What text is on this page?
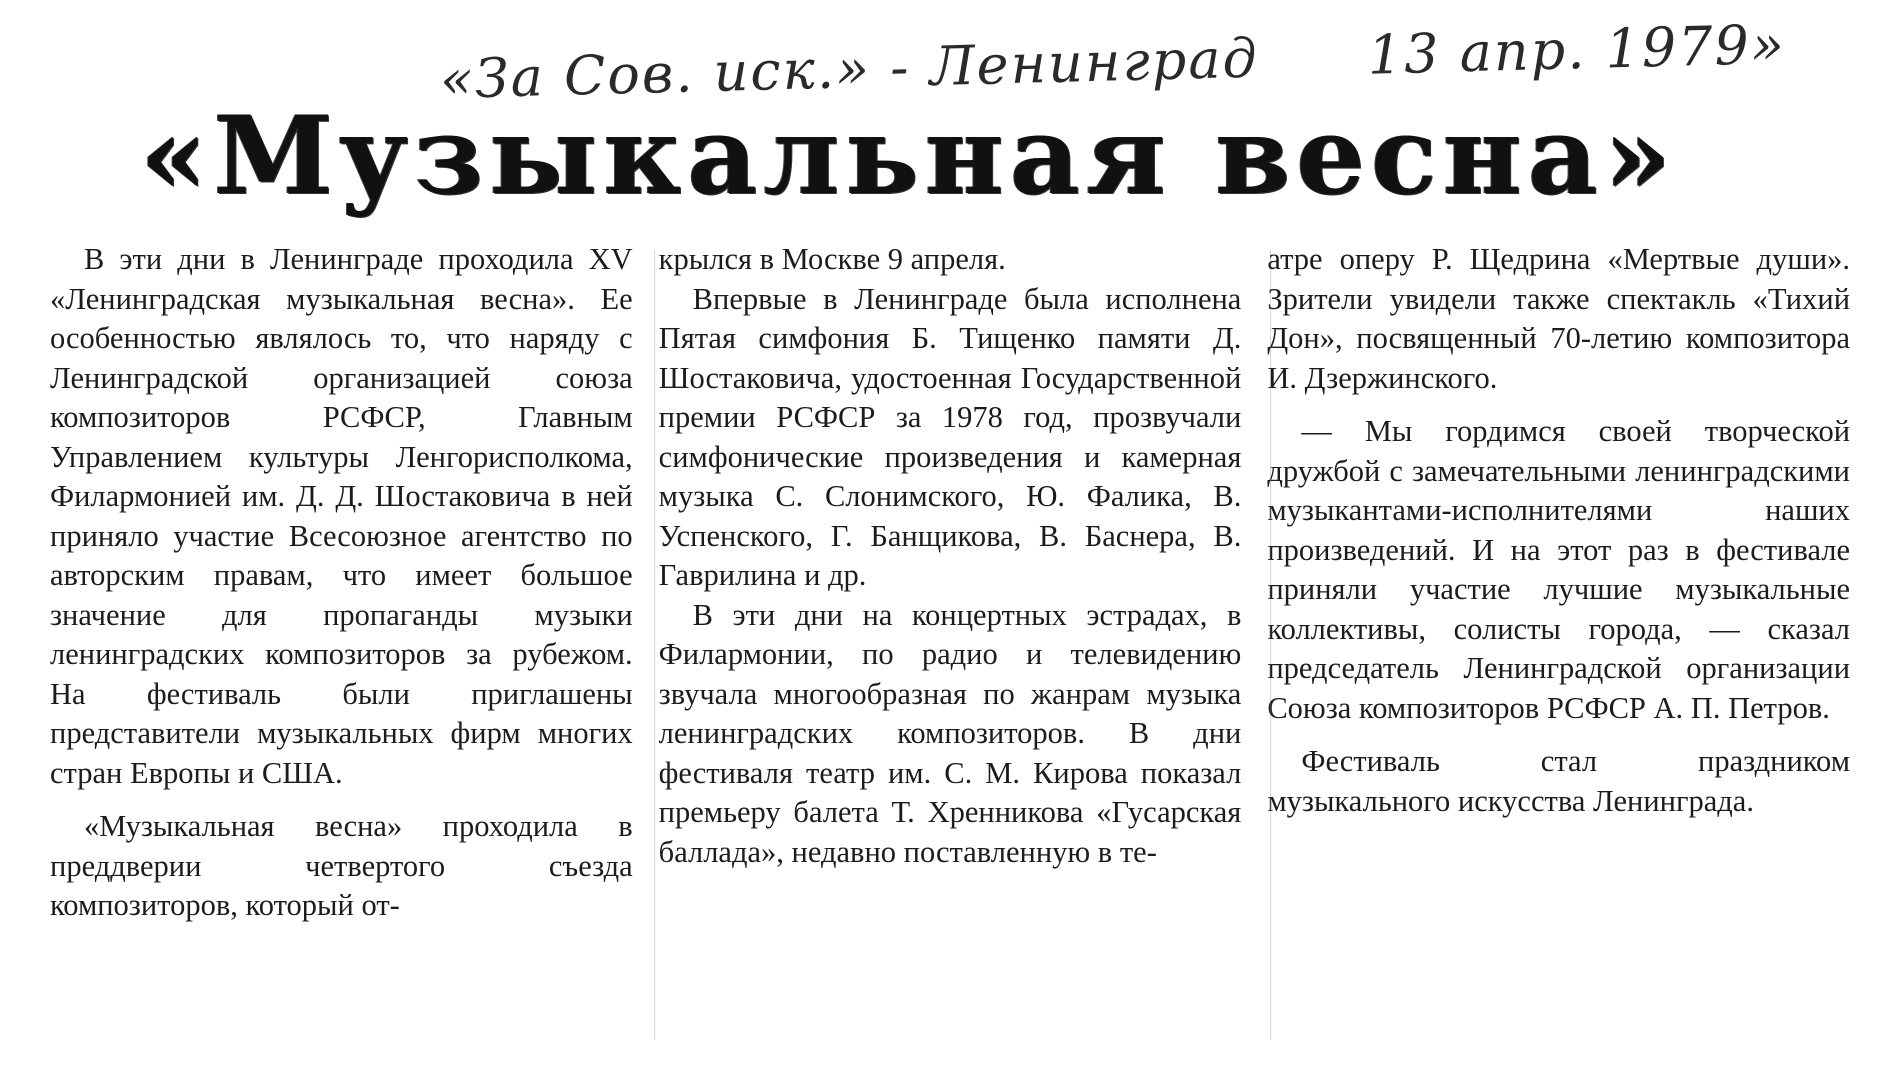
«За Сов. иск.» - Ленинград 13 апр. 1979»
«Музыкальная весна»

В эти дни в Ленинграде проходила XV «Ленинградская музыкальная весна». Ее особенностью являлось то, что наряду с Ленинградской организацией союза композиторов РСФСР, Главным Управлением культуры Ленгорисполкома, Филармонией им. Д. Д. Шостаковича в ней приняло участие Всесоюзное агентство по авторским правам, что имеет большое значение для пропаганды музыки ленинградских композиторов за рубежом. На фестиваль были приглашены представители музыкальных фирм многих стран Европы и США.

«Музыкальная весна» проходила в преддверии четвертого съезда композиторов, который от-

крылся в Москве 9 апреля.

Впервые в Ленинграде была исполнена Пятая симфония Б. Тищенко памяти Д. Шостаковича, удостоенная Государственной премии РСФСР за 1978 год, прозвучали симфонические произведения и камерная музыка С. Слонимского, Ю. Фалика, В. Успенского, Г. Банщикова, В. Баснера, В. Гаврилина и др.

В эти дни на концертных эстрадах, в Филармонии, по радио и телевидению звучала многообразная по жанрам музыка ленинградских композиторов. В дни фестиваля театр им. С. М. Кирова показал премьеру балета Т. Хренникова «Гусарская баллада», недавно поставленную в те-

атре оперу Р. Щедрина «Мертвые души». Зрители увидели также спектакль «Тихий Дон», посвященный 70-летию композитора И. Дзержинского.

— Мы гордимся своей творческой дружбой с замечательными ленинградскими музыкантами-исполнителями наших произведений. И на этот раз в фестивале приняли участие лучшие музыкальные коллективы, солисты города, — сказал председатель Ленинградской организации Союза композиторов РСФСР А. П. Петров.

Фестиваль стал праздником музыкального искусства Ленинграда.
